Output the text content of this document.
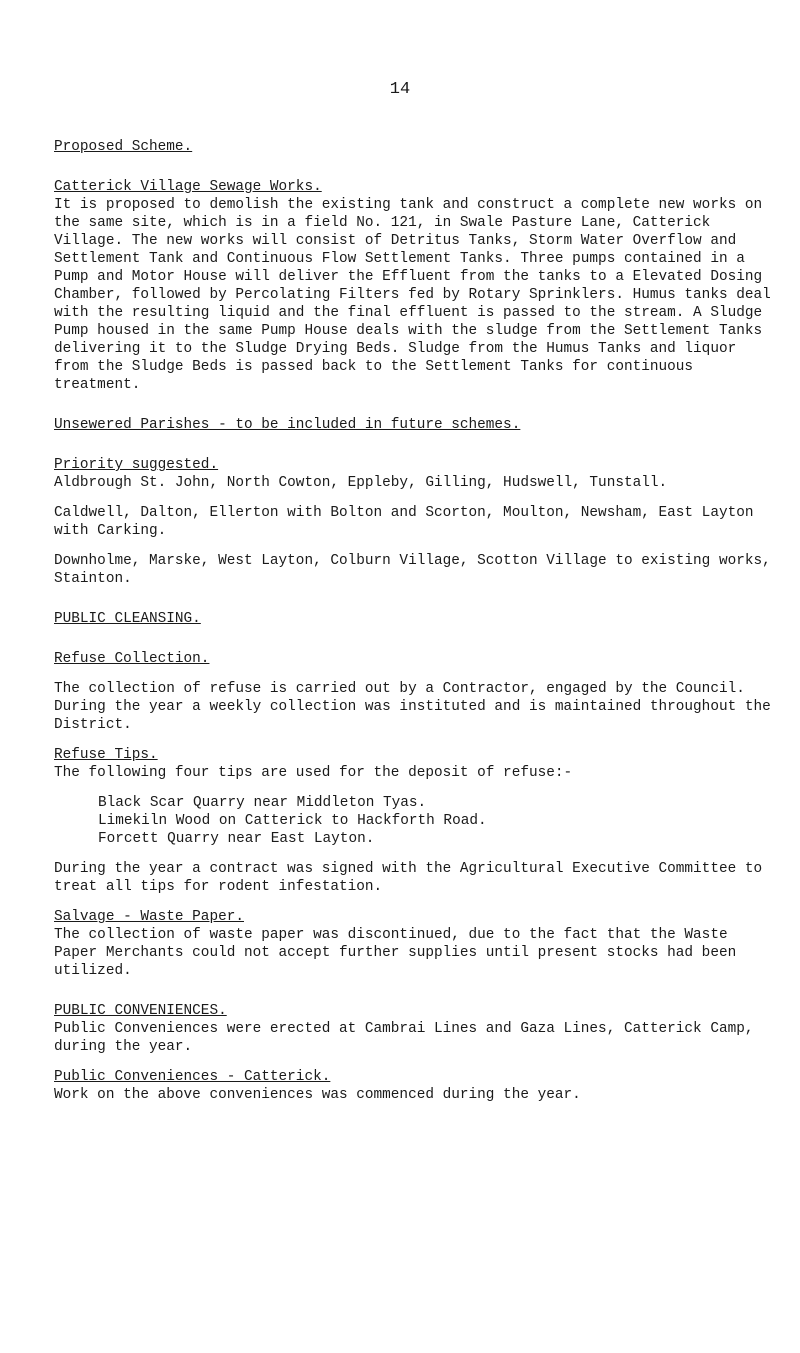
14

Proposed Scheme.

Catterick Village Sewage Works.

It is proposed to demolish the existing tank and construct a complete new works on the same site, which is in a field No. 121, in Swale Pasture Lane, Catterick Village. The new works will consist of Detritus Tanks, Storm Water Overflow and Settlement Tank and Continuous Flow Settlement Tanks. Three pumps contained in a Pump and Motor House will deliver the Effluent from the tanks to a Elevated Dosing Chamber, followed by Percolating Filters fed by Rotary Sprinklers. Humus tanks deal with the resulting liquid and the final effluent is passed to the stream. A Sludge Pump housed in the same Pump House deals with the sludge from the Settlement Tanks delivering it to the Sludge Drying Beds. Sludge from the Humus Tanks and liquor from the Sludge Beds is passed back to the Settlement Tanks for continuous treatment.

Unsewered Parishes - to be included in future schemes.

Priority suggested.

Aldbrough St. John, North Cowton, Eppleby, Gilling, Hudswell, Tunstall.

Caldwell, Dalton, Ellerton with Bolton and Scorton, Moulton, Newsham, East Layton with Carking.

Downholme, Marske, West Layton, Colburn Village, Scotton Village to existing works, Stainton.

PUBLIC CLEANSING.

Refuse Collection.

The collection of refuse is carried out by a Contractor, engaged by the Council. During the year a weekly collection was instituted and is maintained throughout the District.

Refuse Tips.

The following four tips are used for the deposit of refuse:-

Black Scar Quarry near Middleton Tyas.

Limekiln Wood on Catterick to Hackforth Road.

Forcett Quarry near East Layton.

During the year a contract was signed with the Agricultural Executive Committee to treat all tips for rodent infestation.

Salvage - Waste Paper.

The collection of waste paper was discontinued, due to the fact that the Waste Paper Merchants could not accept further supplies until present stocks had been utilized.

PUBLIC CONVENIENCES.

Public Conveniences were erected at Cambrai Lines and Gaza Lines, Catterick Camp, during the year.

Public Conveniences - Catterick.

Work on the above conveniences was commenced during the year.
